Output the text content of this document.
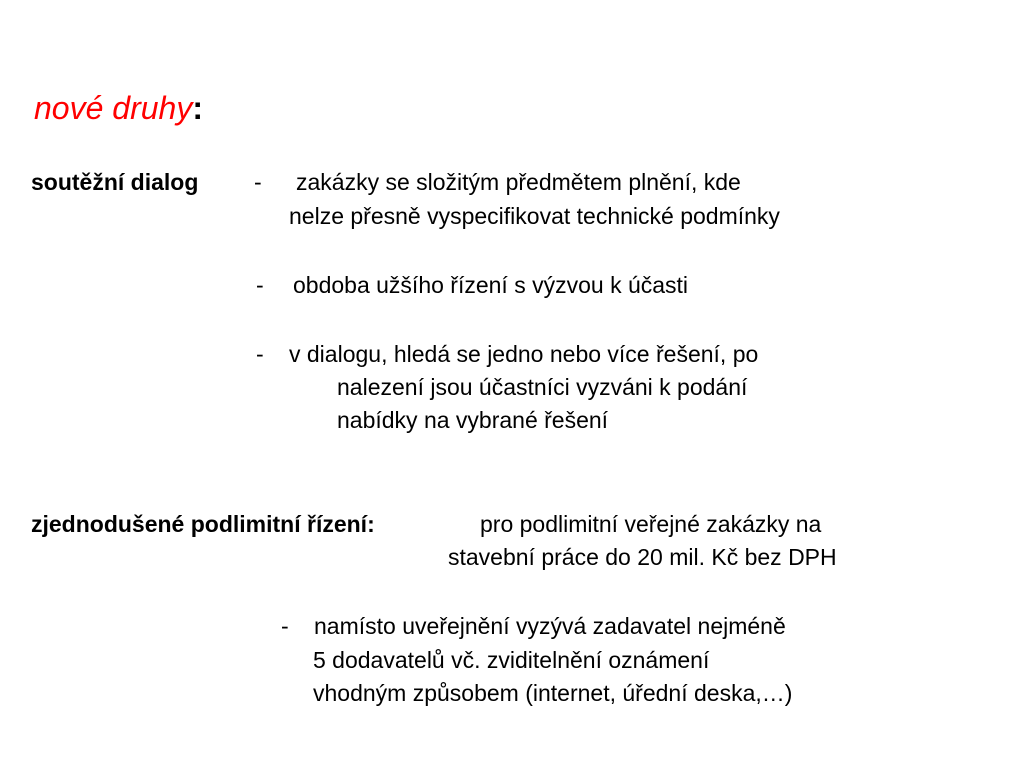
nové druhy:
soutěžní dialog - zakázky se složitým předmětem plnění, kde
nelze přesně vyspecifikovat technické podmínky
- obdoba užšího řízení s výzvou k účasti
- v dialogu, hledá se jedno nebo více řešení, po
nalezení jsou účastníci vyzváni k podání
nabídky na vybrané řešení
zjednodušené podlimitní řízení:	pro podlimitní veřejné zakázky na
stavební práce do 20 mil. Kč bez DPH
- namísto uveřejnění vyzývá zadavatel nejméně
5 dodavatelů vč. zviditelnění oznámení
vhodným způsobem (internet, úřední deska,…)
